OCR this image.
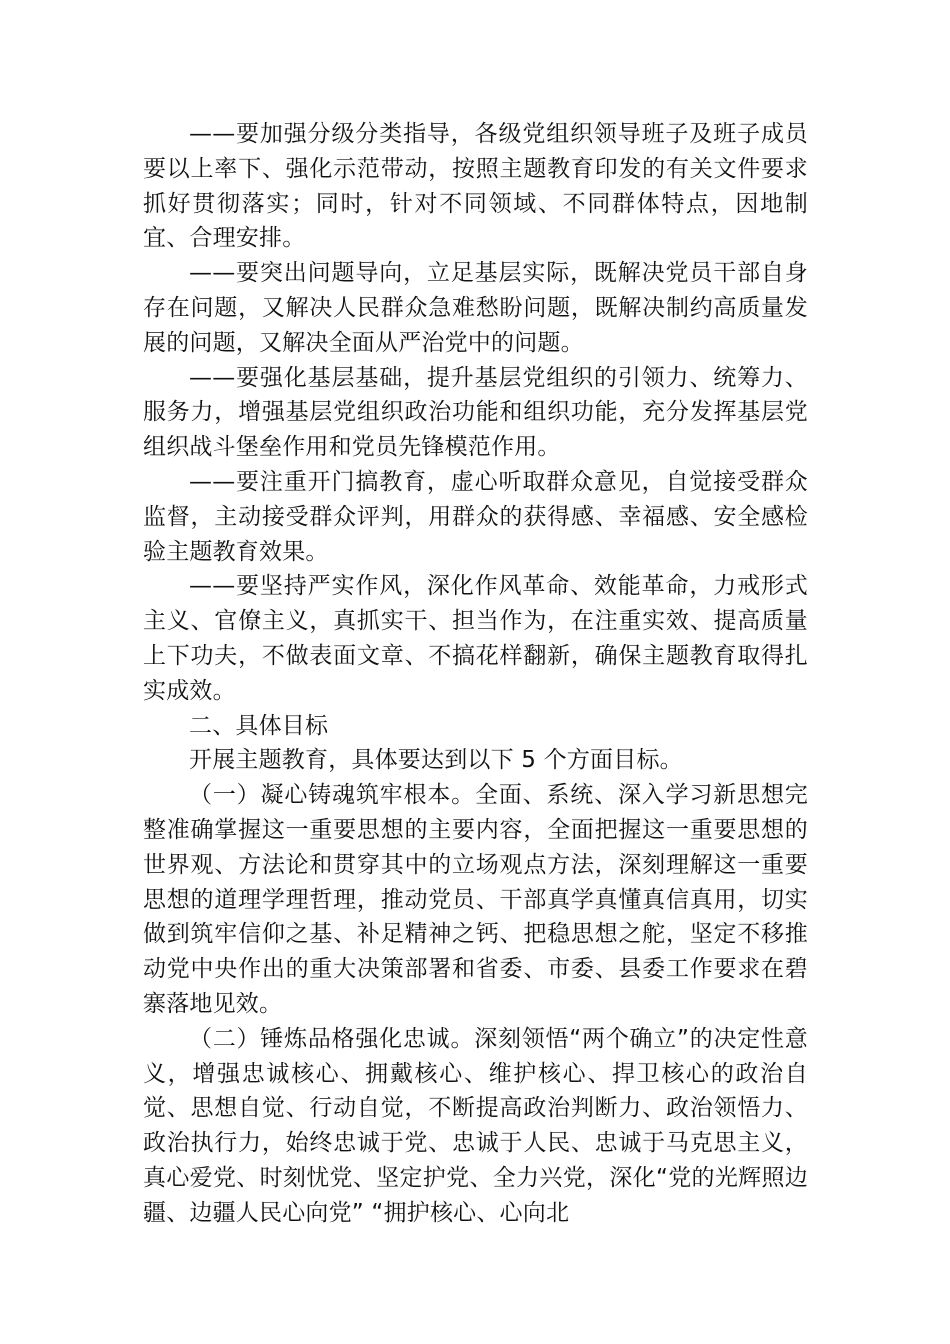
——要加强分级分类指导，各级党组织领导班子及班子成员要以上率下、强化示范带动，按照主题教育印发的有关文件要求抓好贯彻落实；同时，针对不同领域、不同群体特点，因地制宜、合理安排。

——要突出问题导向，立足基层实际，既解决党员干部自身存在问题，又解决人民群众急难愁盼问题，既解决制约高质量发展的问题，又解决全面从严治党中的问题。

——要强化基层基础，提升基层党组织的引领力、统筹力、服务力，增强基层党组织政治功能和组织功能，充分发挥基层党组织战斗堡垒作用和党员先锋模范作用。

——要注重开门搞教育，虚心听取群众意见，自觉接受群众监督，主动接受群众评判，用群众的获得感、幸福感、安全感检验主题教育效果。

——要坚持严实作风，深化作风革命、效能革命，力戒形式主义、官僚主义，真抓实干、担当作为，在注重实效、提高质量上下功夫，不做表面文章、不搞花样翻新，确保主题教育取得扎实成效。

二、具体目标

开展主题教育，具体要达到以下 5 个方面目标。

（一）凝心铸魂筑牢根本。全面、系统、深入学习新思想完整准确掌握这一重要思想的主要内容，全面把握这一重要思想的世界观、方法论和贯穿其中的立场观点方法，深刻理解这一重要思想的道理学理哲理，推动党员、干部真学真懂真信真用，切实做到筑牢信仰之基、补足精神之钙、把稳思想之舵，坚定不移推动党中央作出的重大决策部署和省委、市委、县委工作要求在碧寨落地见效。

（二）锤炼品格强化忠诚。深刻领悟“两个确立”的决定性意义，增强忠诚核心、拥戴核心、维护核心、捍卫核心的政治自觉、思想自觉、行动自觉，不断提高政治判断力、政治领悟力、政治执行力，始终忠诚于党、忠诚于人民、忠诚于马克思主义，真心爱党、时刻忧党、坚定护党、全力兴党，深化“党的光辉照边疆、边疆人民心向党” “拥护核心、心向北
